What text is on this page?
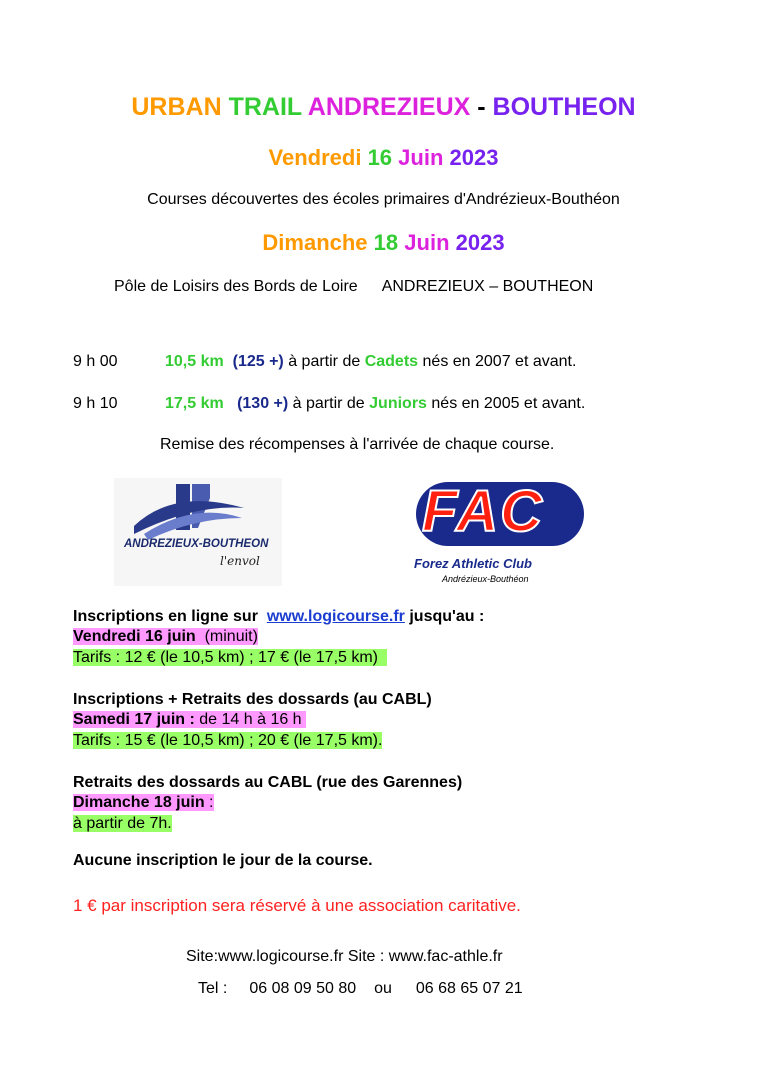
URBAN TRAIL ANDREZIEUX - BOUTHEON
Vendredi 16 Juin 2023
Courses découvertes des écoles primaires d'Andrézieux-Bouthéon
Dimanche 18 Juin 2023
Pôle de Loisirs des Bords de Loire ANDREZIEUX – BOUTHEON
9 h 00	10,5 km (125 +) à partir de Cadets nés en 2007 et avant.
9 h 10	17,5 km (130 +) à partir de Juniors nés en 2005 et avant.
Remise des récompenses à l'arrivée de chaque course.
ANDREZIEUX-BOUTHEON
l'envol
FAC
Forez Athletic Club
Andrézieux-Bouthéon
Inscriptions en ligne sur www.logicourse.fr jusqu'au :
Vendredi 16 juin (minuit)
Tarifs : 12 € (le 10,5 km) ; 17 € (le 17,5 km)
Inscriptions + Retraits des dossards (au CABL)
Samedi 17 juin : de 14 h à 16 h
Tarifs : 15 € (le 10,5 km) ; 20 € (le 17,5 km).
Retraits des dossards au CABL (rue des Garennes)
Dimanche 18 juin :
à partir de 7h.
Aucune inscription le jour de la course.
1 € par inscription sera réservé à une association caritative.
Site:www.logicourse.fr Site : www.fac-athle.fr
Tel : 06 08 09 50 80 ou 06 68 65 07 21
